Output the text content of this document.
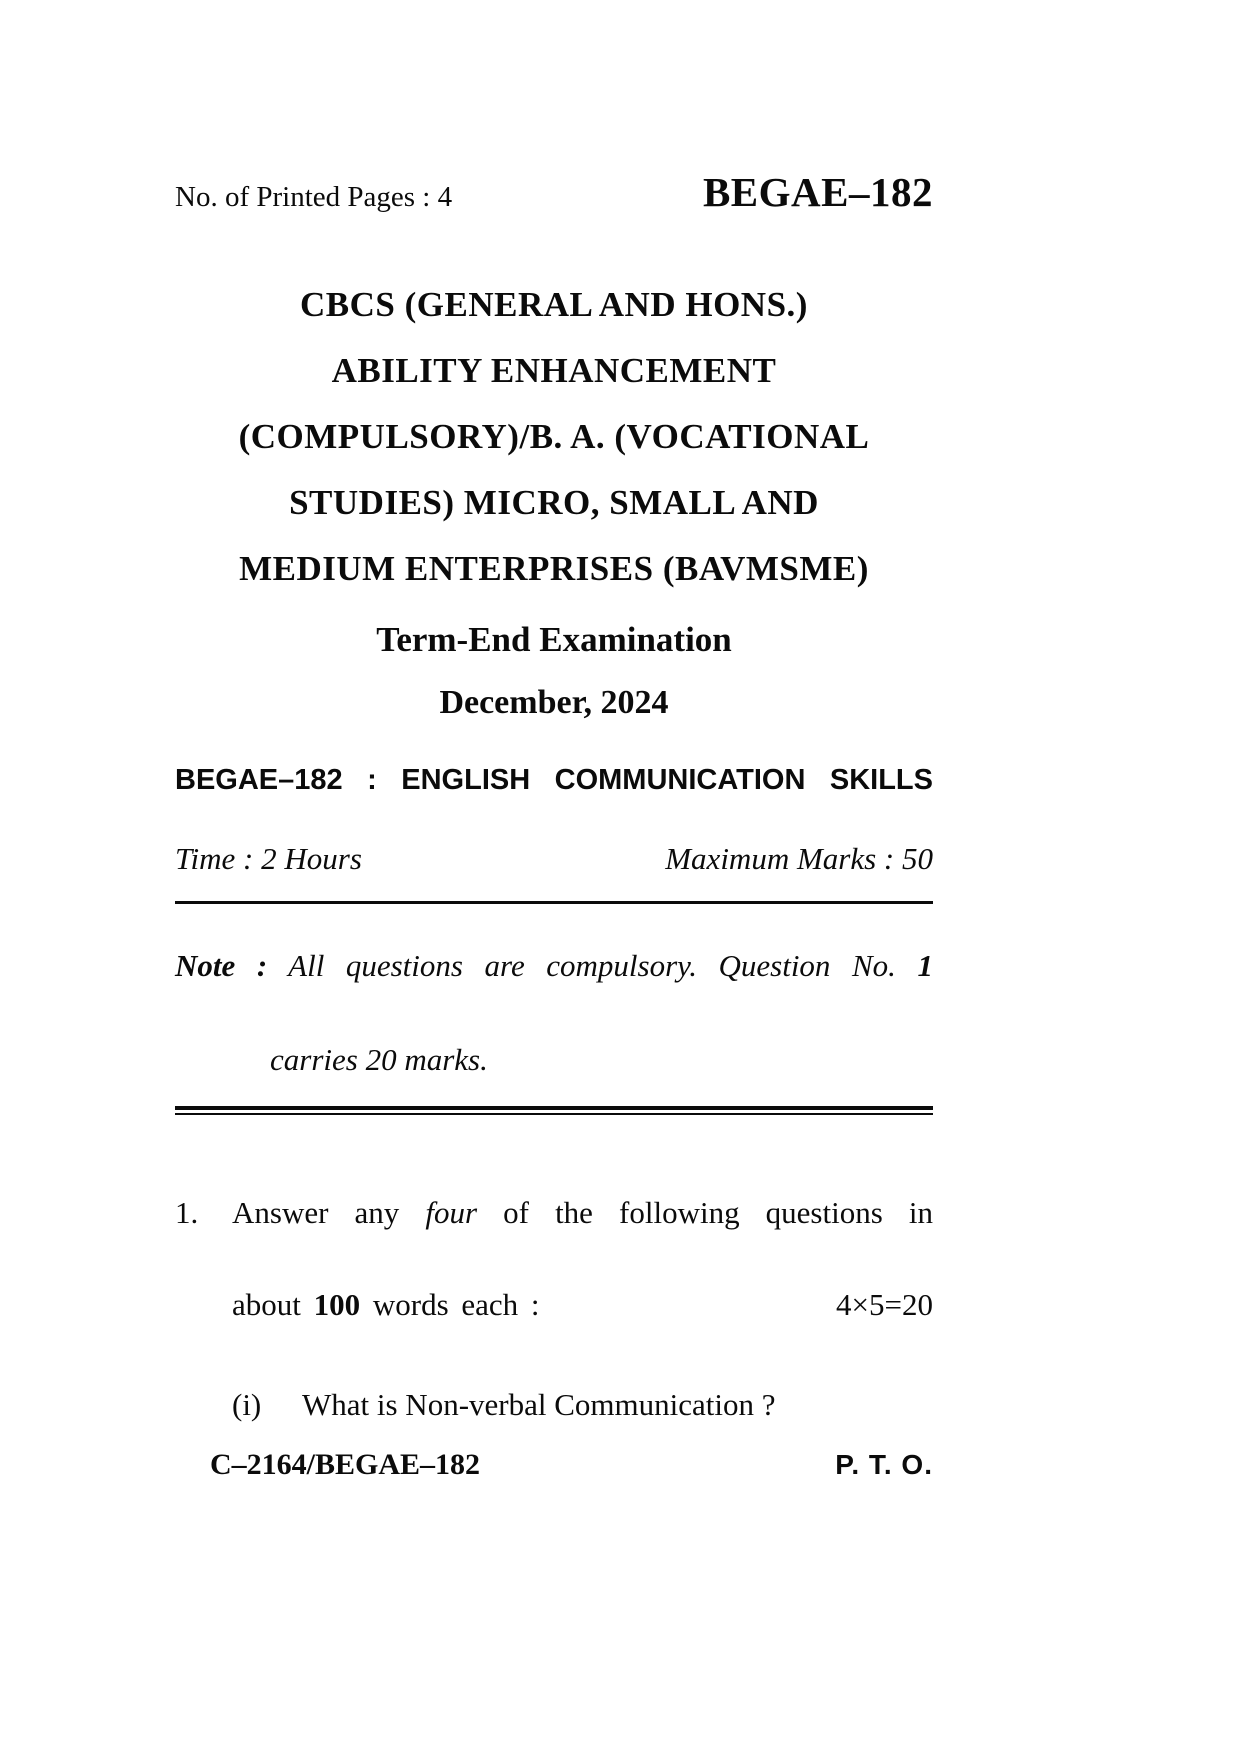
No. of Printed Pages : 4	BEGAE–182
CBCS (GENERAL AND HONS.)
ABILITY ENHANCEMENT
(COMPULSORY)/B. A. (VOCATIONAL
STUDIES) MICRO, SMALL AND
MEDIUM ENTERPRISES (BAVMSME)
Term-End Examination
December, 2024
BEGAE–182 : ENGLISH COMMUNICATION SKILLS
Time : 2 Hours	Maximum Marks : 50
Note : All questions are compulsory. Question No. 1
carries 20 marks.
1.	Answer any four of the following questions in
about 100 words each :	4×5=20
(i)	What is Non-verbal Communication ?
C–2164/BEGAE–182	P. T. O.
